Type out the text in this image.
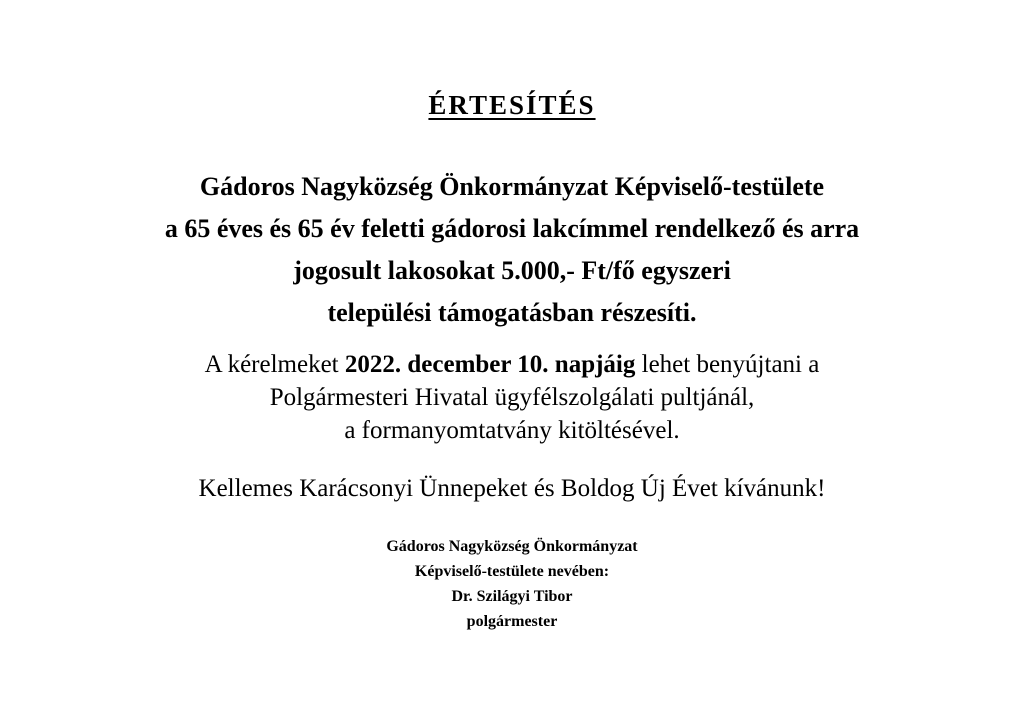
ÉRTESÍTÉS
Gádoros Nagyközség Önkormányzat Képviselő-testülete
a 65 éves és 65 év feletti gádorosi lakcímmel rendelkező és arra
jogosult lakosokat 5.000,- Ft/fő egyszeri
települési támogatásban részesíti.
A kérelmeket 2022. december 10. napjáig lehet benyújtani a
Polgármesteri Hivatal ügyfélszolgálati pultjánál,
a formanyomtatvány kitöltésével.
Kellemes Karácsonyi Ünnepeket és Boldog Új Évet kívánunk!
Gádoros Nagyközség Önkormányzat
Képviselő-testülete nevében:
Dr. Szilágyi Tibor
polgármester
